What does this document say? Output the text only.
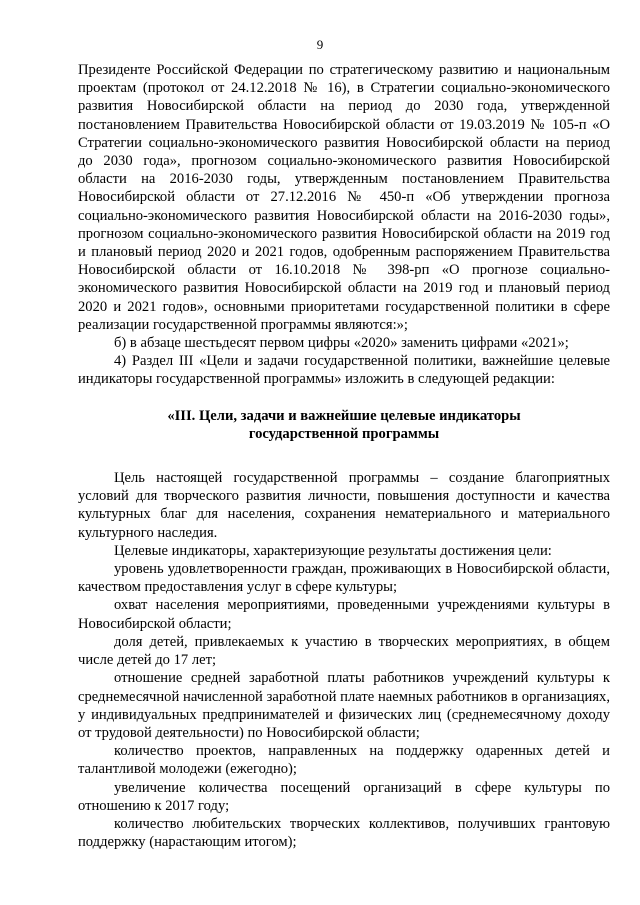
9

Президенте Российской Федерации по стратегическому развитию и национальным проектам (протокол от 24.12.2018 № 16), в Стратегии социально-экономического развития Новосибирской области на период до 2030 года, утвержденной постановлением Правительства Новосибирской области от 19.03.2019 № 105-п «О Стратегии социально-экономического развития Новосибирской области на период до 2030 года», прогнозом социально-экономического развития Новосибирской области на 2016-2030 годы, утвержденным постановлением Правительства Новосибирской области от 27.12.2016 № 450-п «Об утверждении прогноза социально-экономического развития Новосибирской области на 2016-2030 годы», прогнозом социально-экономического развития Новосибирской области на 2019 год и плановый период 2020 и 2021 годов, одобренным распоряжением Правительства Новосибирской области от 16.10.2018 № 398-рп «О прогнозе социально-экономического развития Новосибирской области на 2019 год и плановый период 2020 и 2021 годов», основными приоритетами государственной политики в сфере реализации государственной программы являются:»;

б) в абзаце шестьдесят первом цифры «2020» заменить цифрами «2021»;

4) Раздел III «Цели и задачи государственной политики, важнейшие целевые индикаторы государственной программы» изложить в следующей редакции:

«III. Цели, задачи и важнейшие целевые индикаторы
государственной программы

Цель настоящей государственной программы – создание благоприятных условий для творческого развития личности, повышения доступности и качества культурных благ для населения, сохранения нематериального и материального культурного наследия.

Целевые индикаторы, характеризующие результаты достижения цели:

уровень удовлетворенности граждан, проживающих в Новосибирской области, качеством предоставления услуг в сфере культуры;

охват населения мероприятиями, проведенными учреждениями культуры в Новосибирской области;

доля детей, привлекаемых к участию в творческих мероприятиях, в общем числе детей до 17 лет;

отношение средней заработной платы работников учреждений культуры к среднемесячной начисленной заработной плате наемных работников в организациях, у индивидуальных предпринимателей и физических лиц (среднемесячному доходу от трудовой деятельности) по Новосибирской области;

количество проектов, направленных на поддержку одаренных детей и талантливой молодежи (ежегодно);

увеличение количества посещений организаций в сфере культуры по отношению к 2017 году;

количество любительских творческих коллективов, получивших грантовую поддержку (нарастающим итогом);
